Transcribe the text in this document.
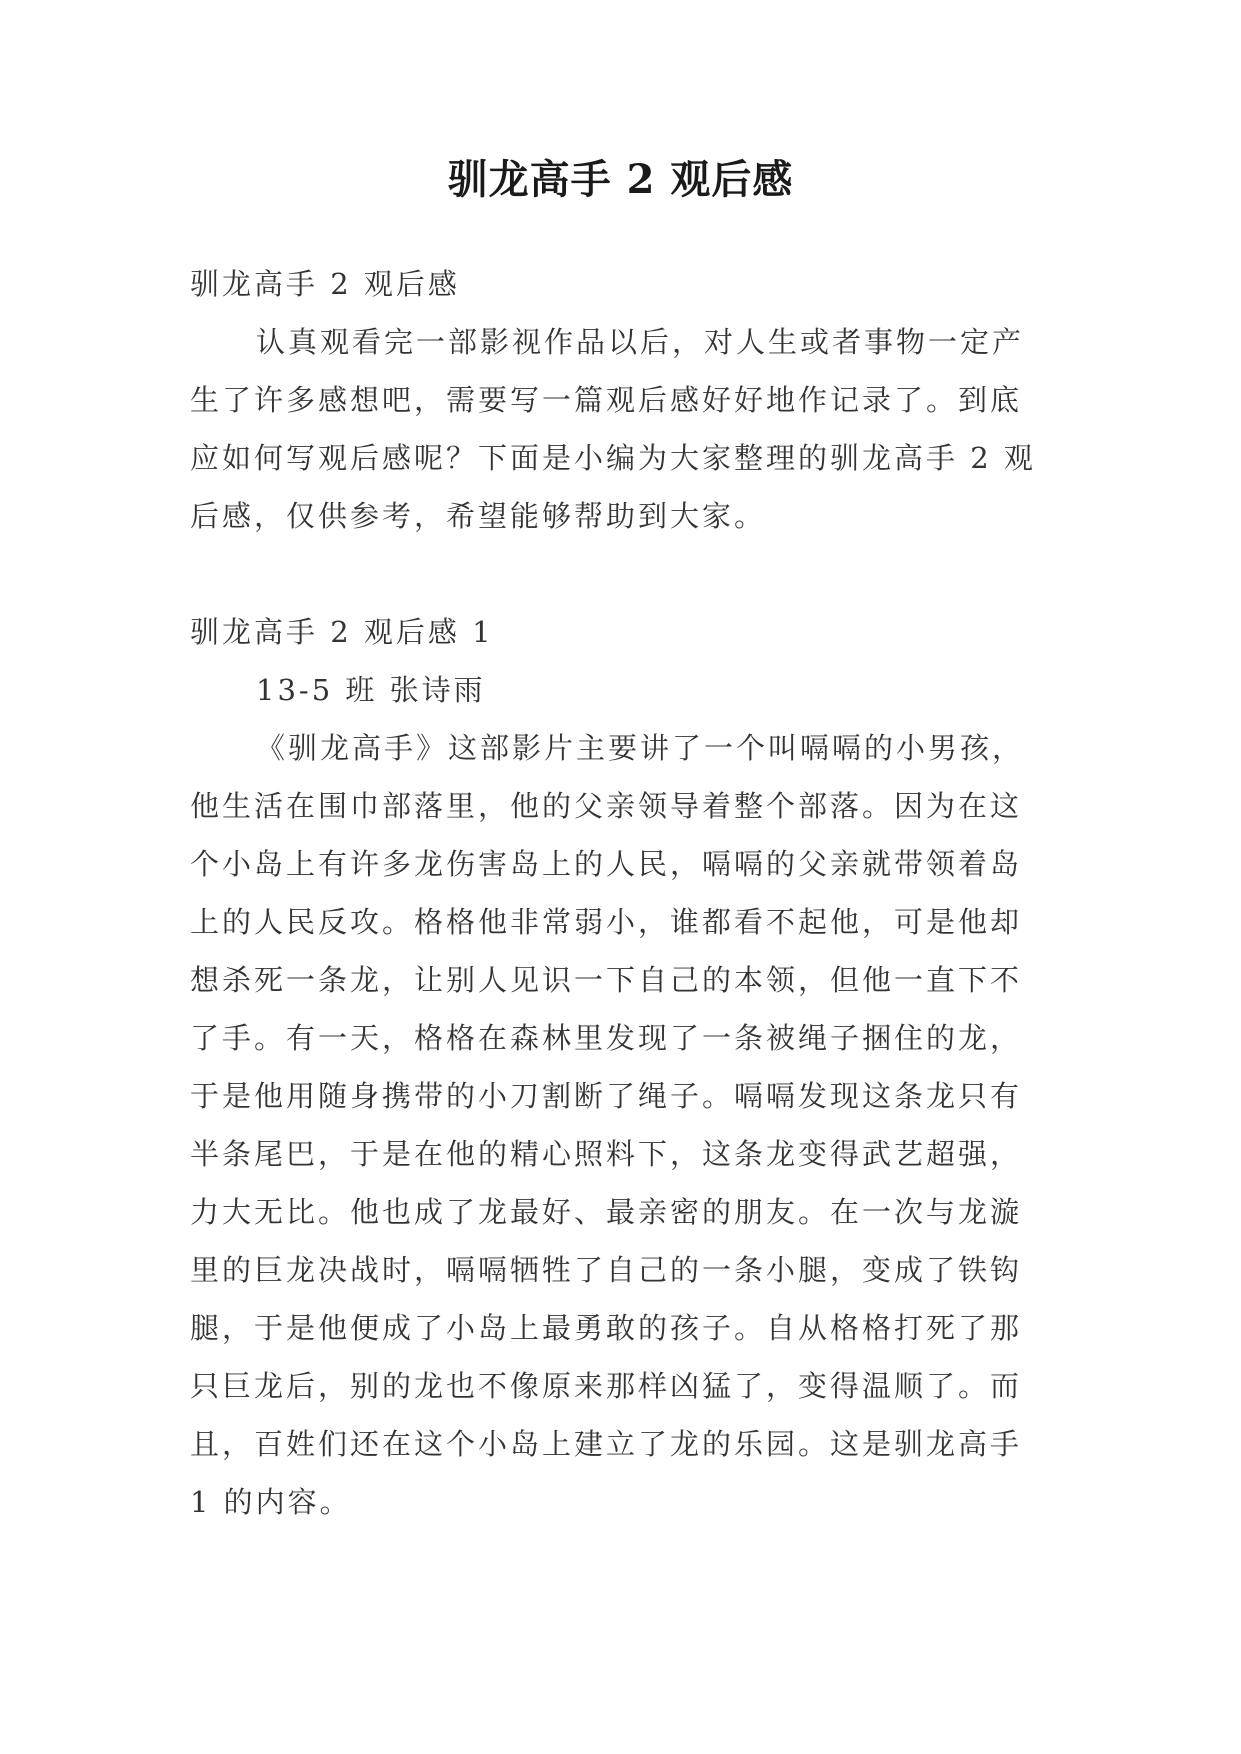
驯龙高手 2 观后感
驯龙高手 2 观后感
认真观看完一部影视作品以后，对人生或者事物一定产
生了许多感想吧，需要写一篇观后感好好地作记录了。到底
应如何写观后感呢？下面是小编为大家整理的驯龙高手 2 观
后感，仅供参考，希望能够帮助到大家。
驯龙高手 2 观后感 1
13-5 班 张诗雨
《驯龙高手》这部影片主要讲了一个叫嗝嗝的小男孩，
他生活在围巾部落里，他的父亲领导着整个部落。因为在这
个小岛上有许多龙伤害岛上的人民，嗝嗝的父亲就带领着岛
上的人民反攻。格格他非常弱小，谁都看不起他，可是他却
想杀死一条龙，让别人见识一下自己的本领，但他一直下不
了手。有一天，格格在森林里发现了一条被绳子捆住的龙，
于是他用随身携带的小刀割断了绳子。嗝嗝发现这条龙只有
半条尾巴，于是在他的精心照料下，这条龙变得武艺超强，
力大无比。他也成了龙最好、最亲密的朋友。在一次与龙漩
里的巨龙决战时，嗝嗝牺牲了自己的一条小腿，变成了铁钩
腿，于是他便成了小岛上最勇敢的孩子。自从格格打死了那
只巨龙后，别的龙也不像原来那样凶猛了，变得温顺了。而
且，百姓们还在这个小岛上建立了龙的乐园。这是驯龙高手
1 的内容。
